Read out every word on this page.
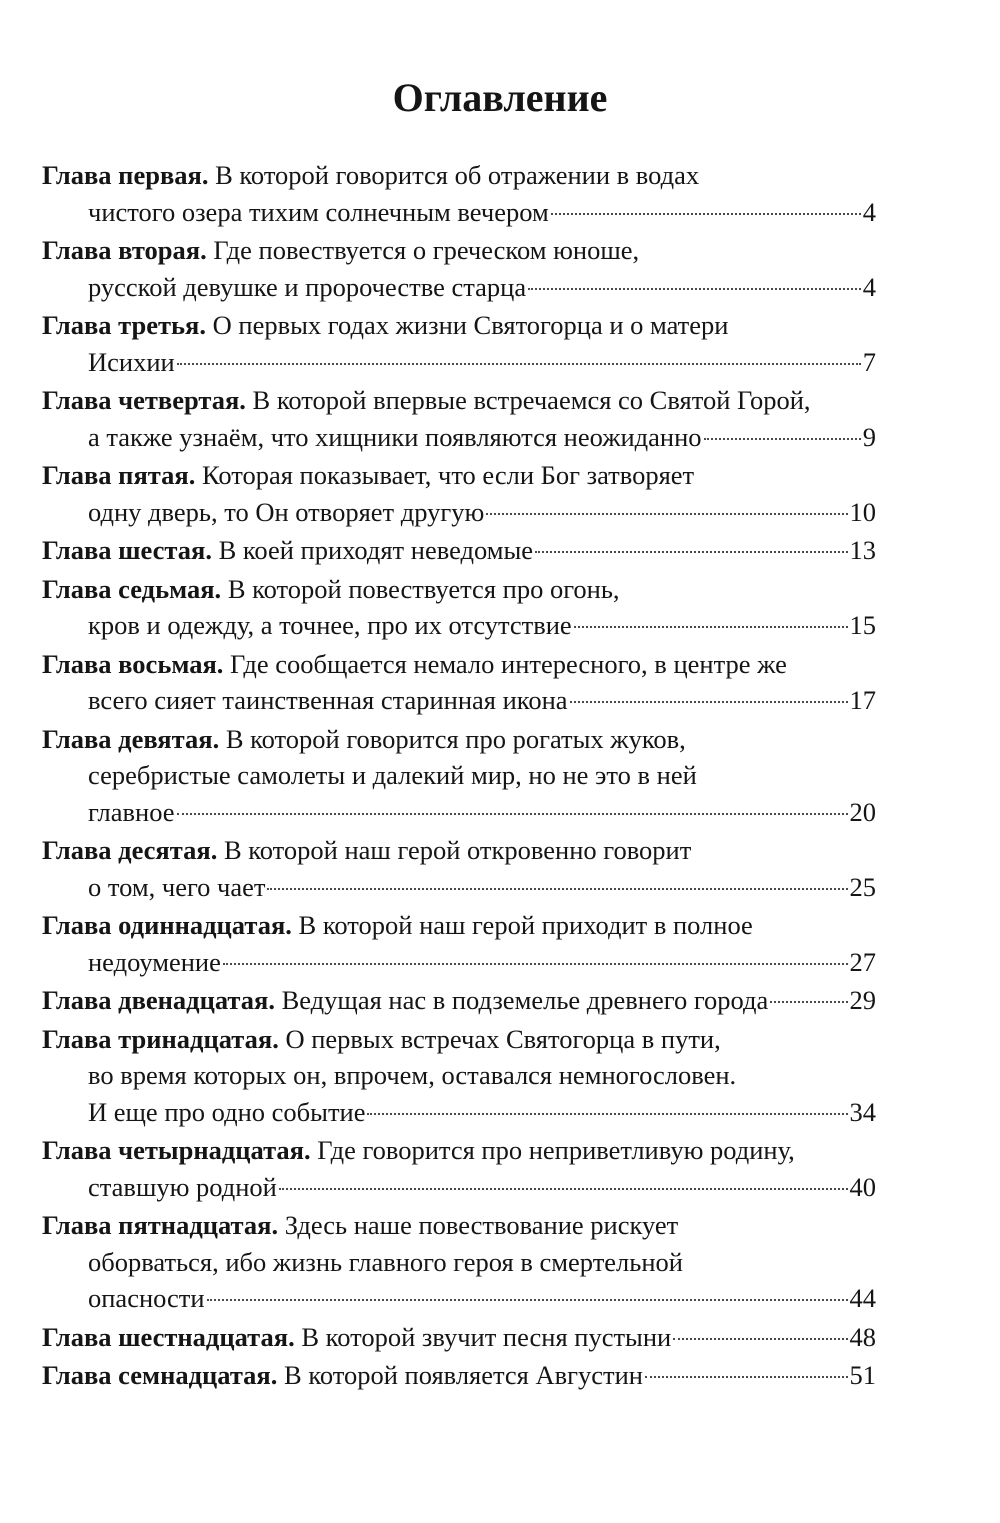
Оглавление
Глава первая. В которой говорится об отражении в водах
чистого озера тихим солнечным вечером	4
Глава вторая. Где повествуется о греческом юноше,
русской девушке и пророчестве старца	4
Глава третья. О первых годах жизни Святогорца и о матери
Исихии	7
Глава четвертая. В которой впервые встречаемся со Святой Горой,
а также узнаём, что хищники появляются неожиданно	9
Глава пятая. Которая показывает, что если Бог затворяет
одну дверь, то Он отворяет другую	10
Глава шестая. В коей приходят неведомые	13
Глава седьмая. В которой повествуется про огонь,
кров и одежду, а точнее, про их отсутствие	15
Глава восьмая. Где сообщается немало интересного, в центре же
всего сияет таинственная старинная икона	17
Глава девятая. В которой говорится про рогатых жуков,
серебристые самолеты и далекий мир, но не это в ней
главное	20
Глава десятая. В которой наш герой откровенно говорит
о том, чего чает	25
Глава одиннадцатая. В которой наш герой приходит в полное
недоумение	27
Глава двенадцатая. Ведущая нас в подземелье древнего города	29
Глава тринадцатая. О первых встречах Святогорца в пути,
во время которых он, впрочем, оставался немногословен.
И еще про одно событие	34
Глава четырнадцатая. Где говорится про неприветливую родину,
ставшую родной	40
Глава пятнадцатая. Здесь наше повествование рискует
оборваться, ибо жизнь главного героя в смертельной
опасности	44
Глава шестнадцатая. В которой звучит песня пустыни	48
Глава семнадцатая. В которой появляется Августин	51
